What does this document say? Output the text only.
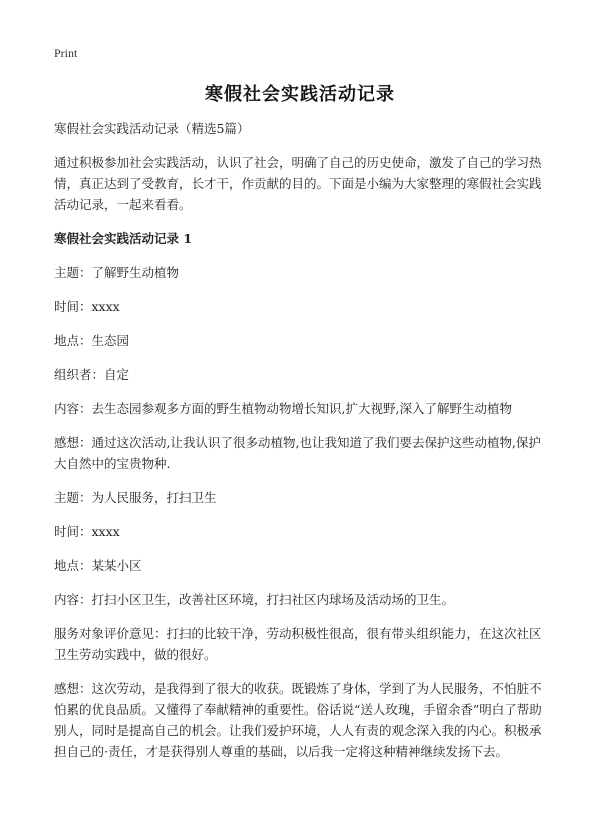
Print
寒假社会实践活动记录

寒假社会实践活动记录（精选5篇）

通过积极参加社会实践活动，认识了社会，明确了自己的历史使命，激发了自己的学习热情，真正达到了受教育，长才干，作贡献的目的。下面是小编为大家整理的寒假社会实践活动记录，一起来看看。

寒假社会实践活动记录 1

主题：了解野生动植物

时间：xxxx

地点：生态园

组织者：自定

内容：去生态园参观多方面的野生植物动物增长知识,扩大视野,深入了解野生动植物

感想：通过这次活动,让我认识了很多动植物,也让我知道了我们要去保护这些动植物,保护大自然中的宝贵物种.

主题：为人民服务，打扫卫生

时间：xxxx

地点：某某小区

内容：打扫小区卫生，改善社区环境，打扫社区内球场及活动场的卫生。

服务对象评价意见：打扫的比较干净，劳动积极性很高，很有带头组织能力，在这次社区卫生劳动实践中，做的很好。

感想：这次劳动，是我得到了很大的收获。既锻炼了身体，学到了为人民服务，不怕脏不怕累的优良品质。又懂得了奉献精神的重要性。俗话说“送人玫瑰，手留余香”明白了帮助别人，同时是提高自己的机会。让我们爱护环境，人人有责的观念深入我的内心。积极承担自己的·责任，才是获得别人尊重的基础，以后我一定将这种精神继续发扬下去。
